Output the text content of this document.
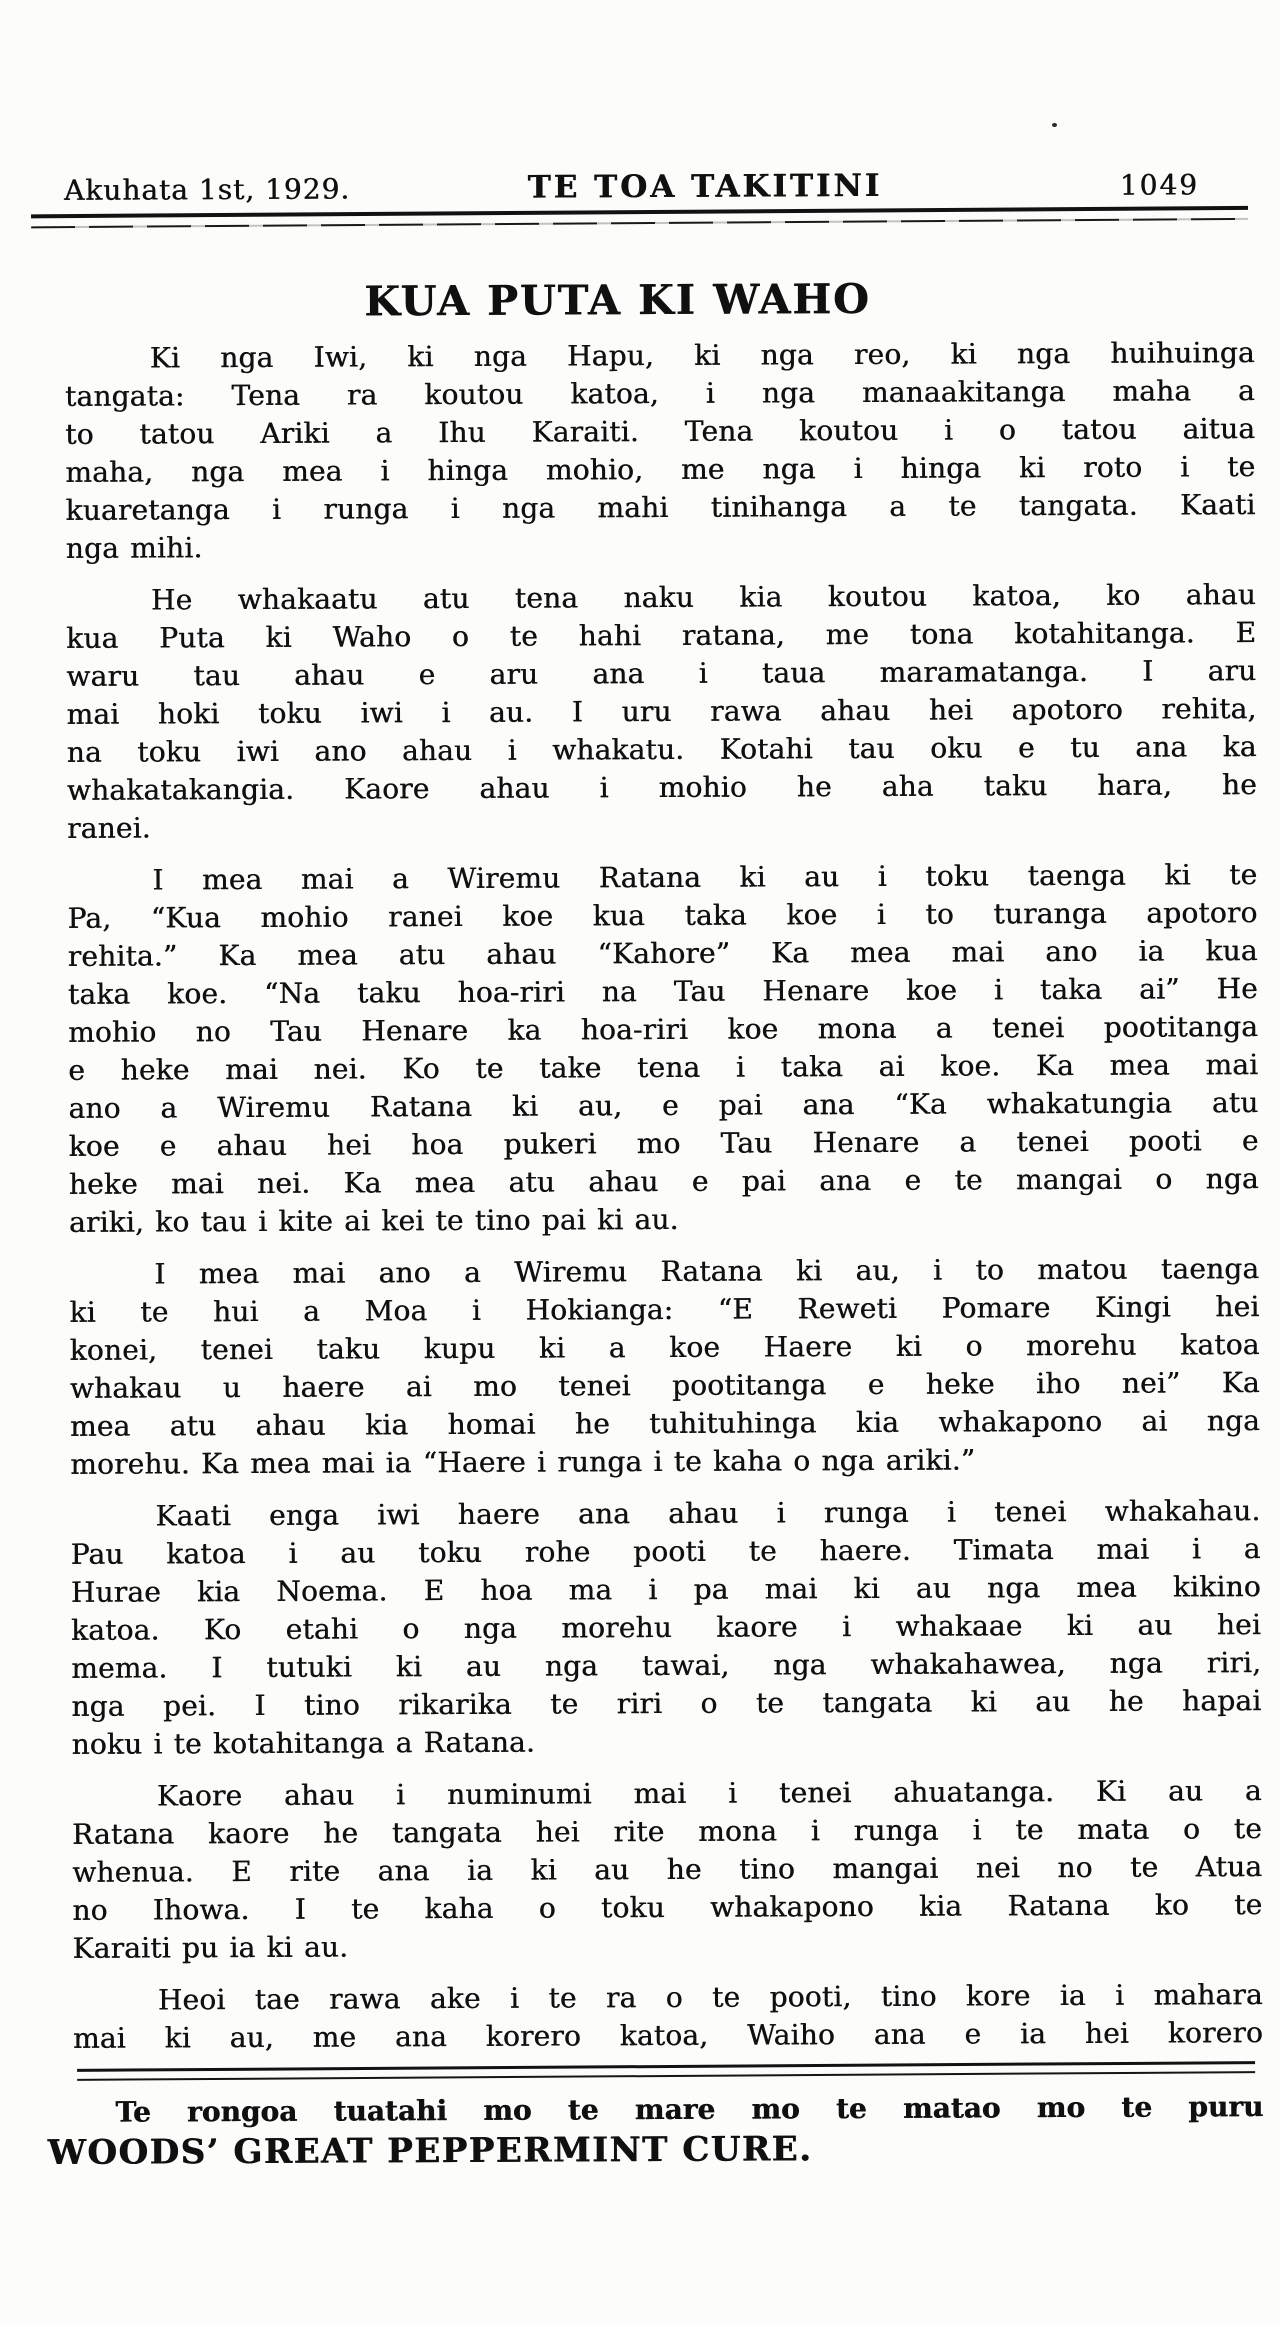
Akuhata 1st, 1929.	TE TOA TAKITINI	1049
KUA PUTA KI WAHO
Ki nga Iwi, ki nga Hapu, ki nga reo, ki nga huihuinga
tangata: Tena ra koutou katoa, i nga manaakitanga maha a
to tatou Ariki a Ihu Karaiti. Tena koutou i o tatou aitua
maha, nga mea i hinga mohio, me nga i hinga ki roto i te
kuaretanga i runga i nga mahi tinihanga a te tangata. Kaati
nga mihi.
He whakaatu atu tena naku kia koutou katoa, ko ahau
kua Puta ki Waho o te hahi ratana, me tona kotahitanga. E
waru tau ahau e aru ana i taua maramatanga. I aru
mai hoki toku iwi i au. I uru rawa ahau hei apotoro rehita,
na toku iwi ano ahau i whakatu. Kotahi tau oku e tu ana ka
whakatakangia. Kaore ahau i mohio he aha taku hara, he
ranei.
I mea mai a Wiremu Ratana ki au i toku taenga ki te
Pa, “Kua mohio ranei koe kua taka koe i to turanga apotoro
rehita.” Ka mea atu ahau “Kahore” Ka mea mai ano ia kua
taka koe. “Na taku hoa-riri na Tau Henare koe i taka ai” He
mohio no Tau Henare ka hoa-riri koe mona a tenei pootitanga
e heke mai nei. Ko te take tena i taka ai koe. Ka mea mai
ano a Wiremu Ratana ki au, e pai ana “Ka whakatungia atu
koe e ahau hei hoa pukeri mo Tau Henare a tenei pooti e
heke mai nei. Ka mea atu ahau e pai ana e te mangai o nga
ariki, ko tau i kite ai kei te tino pai ki au.
I mea mai ano a Wiremu Ratana ki au, i to matou taenga
ki te hui a Moa i Hokianga: “E Reweti Pomare Kingi hei
konei, tenei taku kupu ki a koe Haere ki o morehu katoa
whakau u haere ai mo tenei pootitanga e heke iho nei” Ka
mea atu ahau kia homai he tuhituhinga kia whakapono ai nga
morehu. Ka mea mai ia “Haere i runga i te kaha o nga ariki.”
Kaati enga iwi haere ana ahau i runga i tenei whakahau.
Pau katoa i au toku rohe pooti te haere. Timata mai i a
Hurae kia Noema. E hoa ma i pa mai ki au nga mea kikino
katoa. Ko etahi o nga morehu kaore i whakaae ki au hei
mema. I tutuki ki au nga tawai, nga whakahawea, nga riri,
nga pei. I tino rikarika te riri o te tangata ki au he hapai
noku i te kotahitanga a Ratana.
Kaore ahau i numinumi mai i tenei ahuatanga. Ki au a
Ratana kaore he tangata hei rite mona i runga i te mata o te
whenua. E rite ana ia ki au he tino mangai nei no te Atua
no Ihowa. I te kaha o toku whakapono kia Ratana ko te
Karaiti pu ia ki au.
Heoi tae rawa ake i te ra o te pooti, tino kore ia i mahara
mai ki au, me ana korero katoa, Waiho ana e ia hei korero
Te rongoa tuatahi mo te mare mo te matao mo te puru
WOODS’ GREAT PEPPERMINT CURE.
